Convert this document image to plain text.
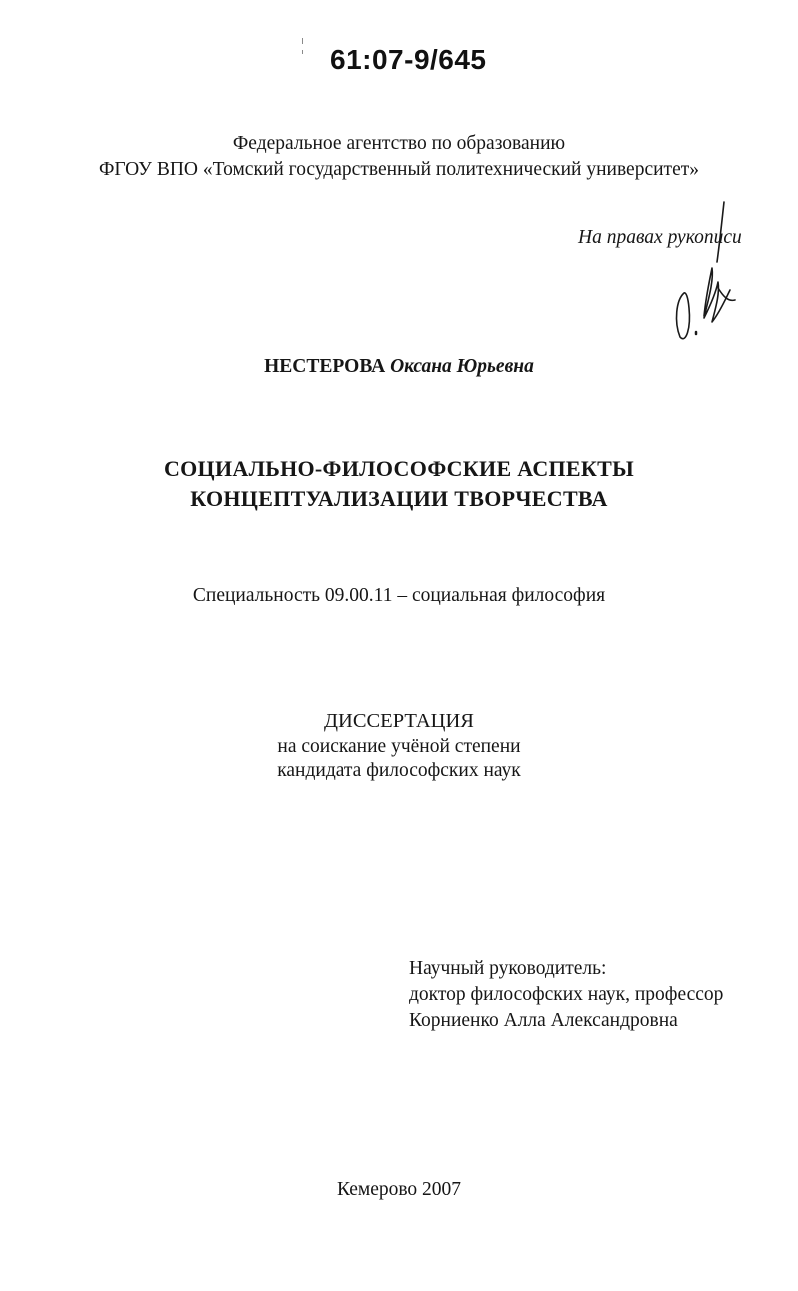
61:07-9/645
Федеральное агентство по образованию
ФГОУ ВПО «Томский государственный политехнический университет»
На правах рукописи
НЕСТЕРОВА Оксана Юрьевна
СОЦИАЛЬНО-ФИЛОСОФСКИЕ АСПЕКТЫ
КОНЦЕПТУАЛИЗАЦИИ ТВОРЧЕСТВА
Специальность 09.00.11 – социальная философия
ДИССЕРТАЦИЯ
на соискание учёной степени
кандидата философских наук
Научный руководитель:
доктор философских наук, профессор
Корниенко Алла Александровна
Кемерово 2007
